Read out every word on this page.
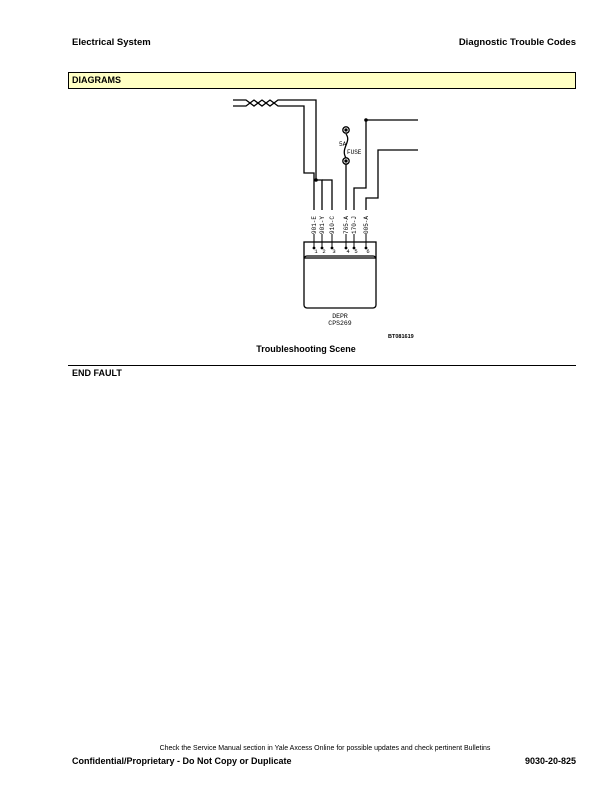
Electrical System	Diagnostic Trouble Codes
DIAGRAMS
5A
FUSE
901-E 901-Y 910-C 765-A 170-J 005-A
1 2 3 4 5 6
DEPR
CPS269
BT081619
Troubleshooting Scene
END FAULT
Check the Service Manual section in Yale Axcess Online for possible updates and check pertinent Bulletins
Confidential/Proprietary - Do Not Copy or Duplicate	9030-20-825
